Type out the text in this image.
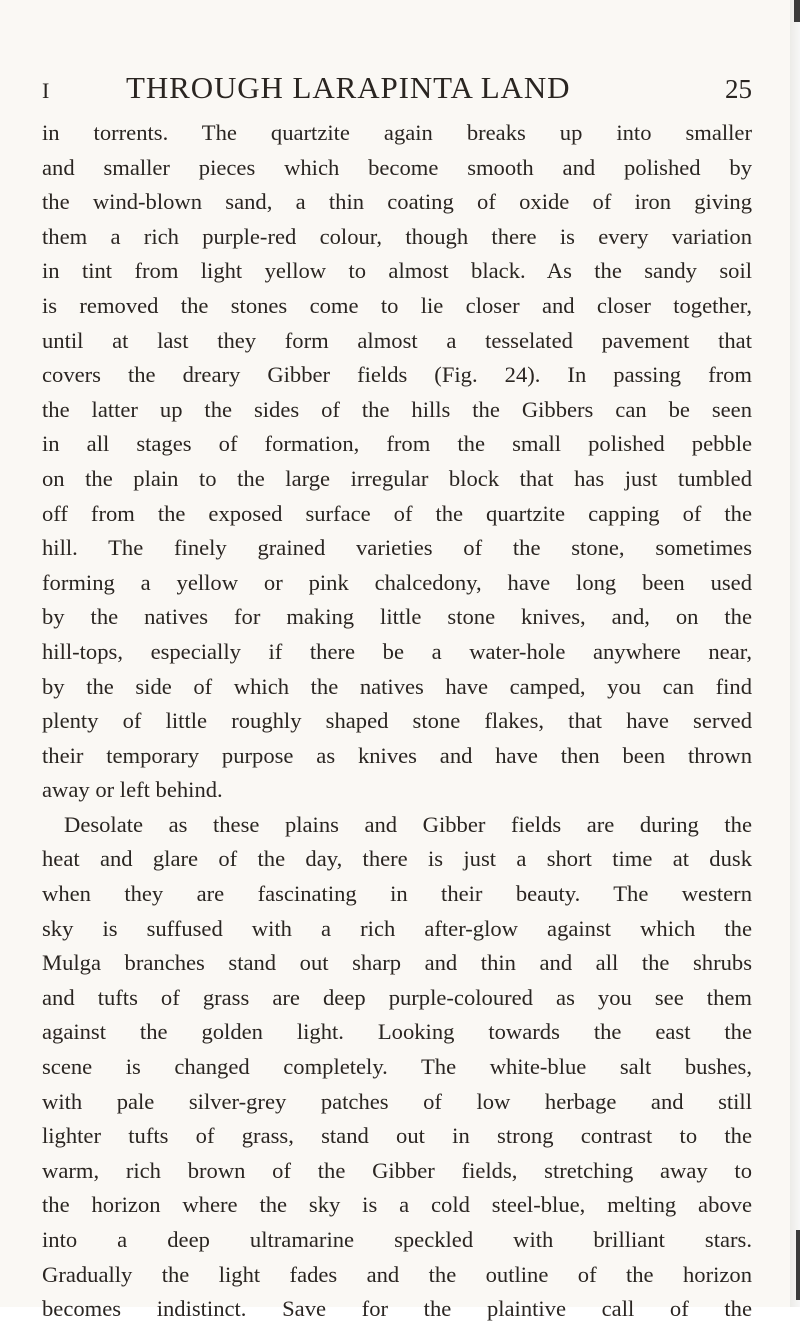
I THROUGH LARAPINTA LAND	25
in torrents. The quartzite again breaks up into smaller
and smaller pieces which become smooth and polished by
the wind-blown sand, a thin coating of oxide of iron giving
them a rich purple-red colour, though there is every variation
in tint from light yellow to almost black. As the sandy soil
is removed the stones come to lie closer and closer together,
until at last they form almost a tesselated pavement that
covers the dreary Gibber fields (Fig. 24). In passing from
the latter up the sides of the hills the Gibbers can be seen
in all stages of formation, from the small polished pebble
on the plain to the large irregular block that has just tumbled
off from the exposed surface of the quartzite capping of the
hill. The finely grained varieties of the stone, sometimes
forming a yellow or pink chalcedony, have long been used
by the natives for making little stone knives, and, on the
hill-tops, especially if there be a water-hole anywhere near,
by the side of which the natives have camped, you can find
plenty of little roughly shaped stone flakes, that have served
their temporary purpose as knives and have then been thrown
away or left behind.
Desolate as these plains and Gibber fields are during the
heat and glare of the day, there is just a short time at dusk
when they are fascinating in their beauty. The western
sky is suffused with a rich after-glow against which the
Mulga branches stand out sharp and thin and all the shrubs
and tufts of grass are deep purple-coloured as you see them
against the golden light. Looking towards the east the
scene is changed completely. The white-blue salt bushes,
with pale silver-grey patches of low herbage and still
lighter tufts of grass, stand out in strong contrast to the
warm, rich brown of the Gibber fields, stretching away to
the horizon where the sky is a cold steel-blue, melting above
into a deep ultramarine speckled with brilliant stars.
Gradually the light fades and the outline of the horizon
becomes indistinct. Save for the plaintive call of the
